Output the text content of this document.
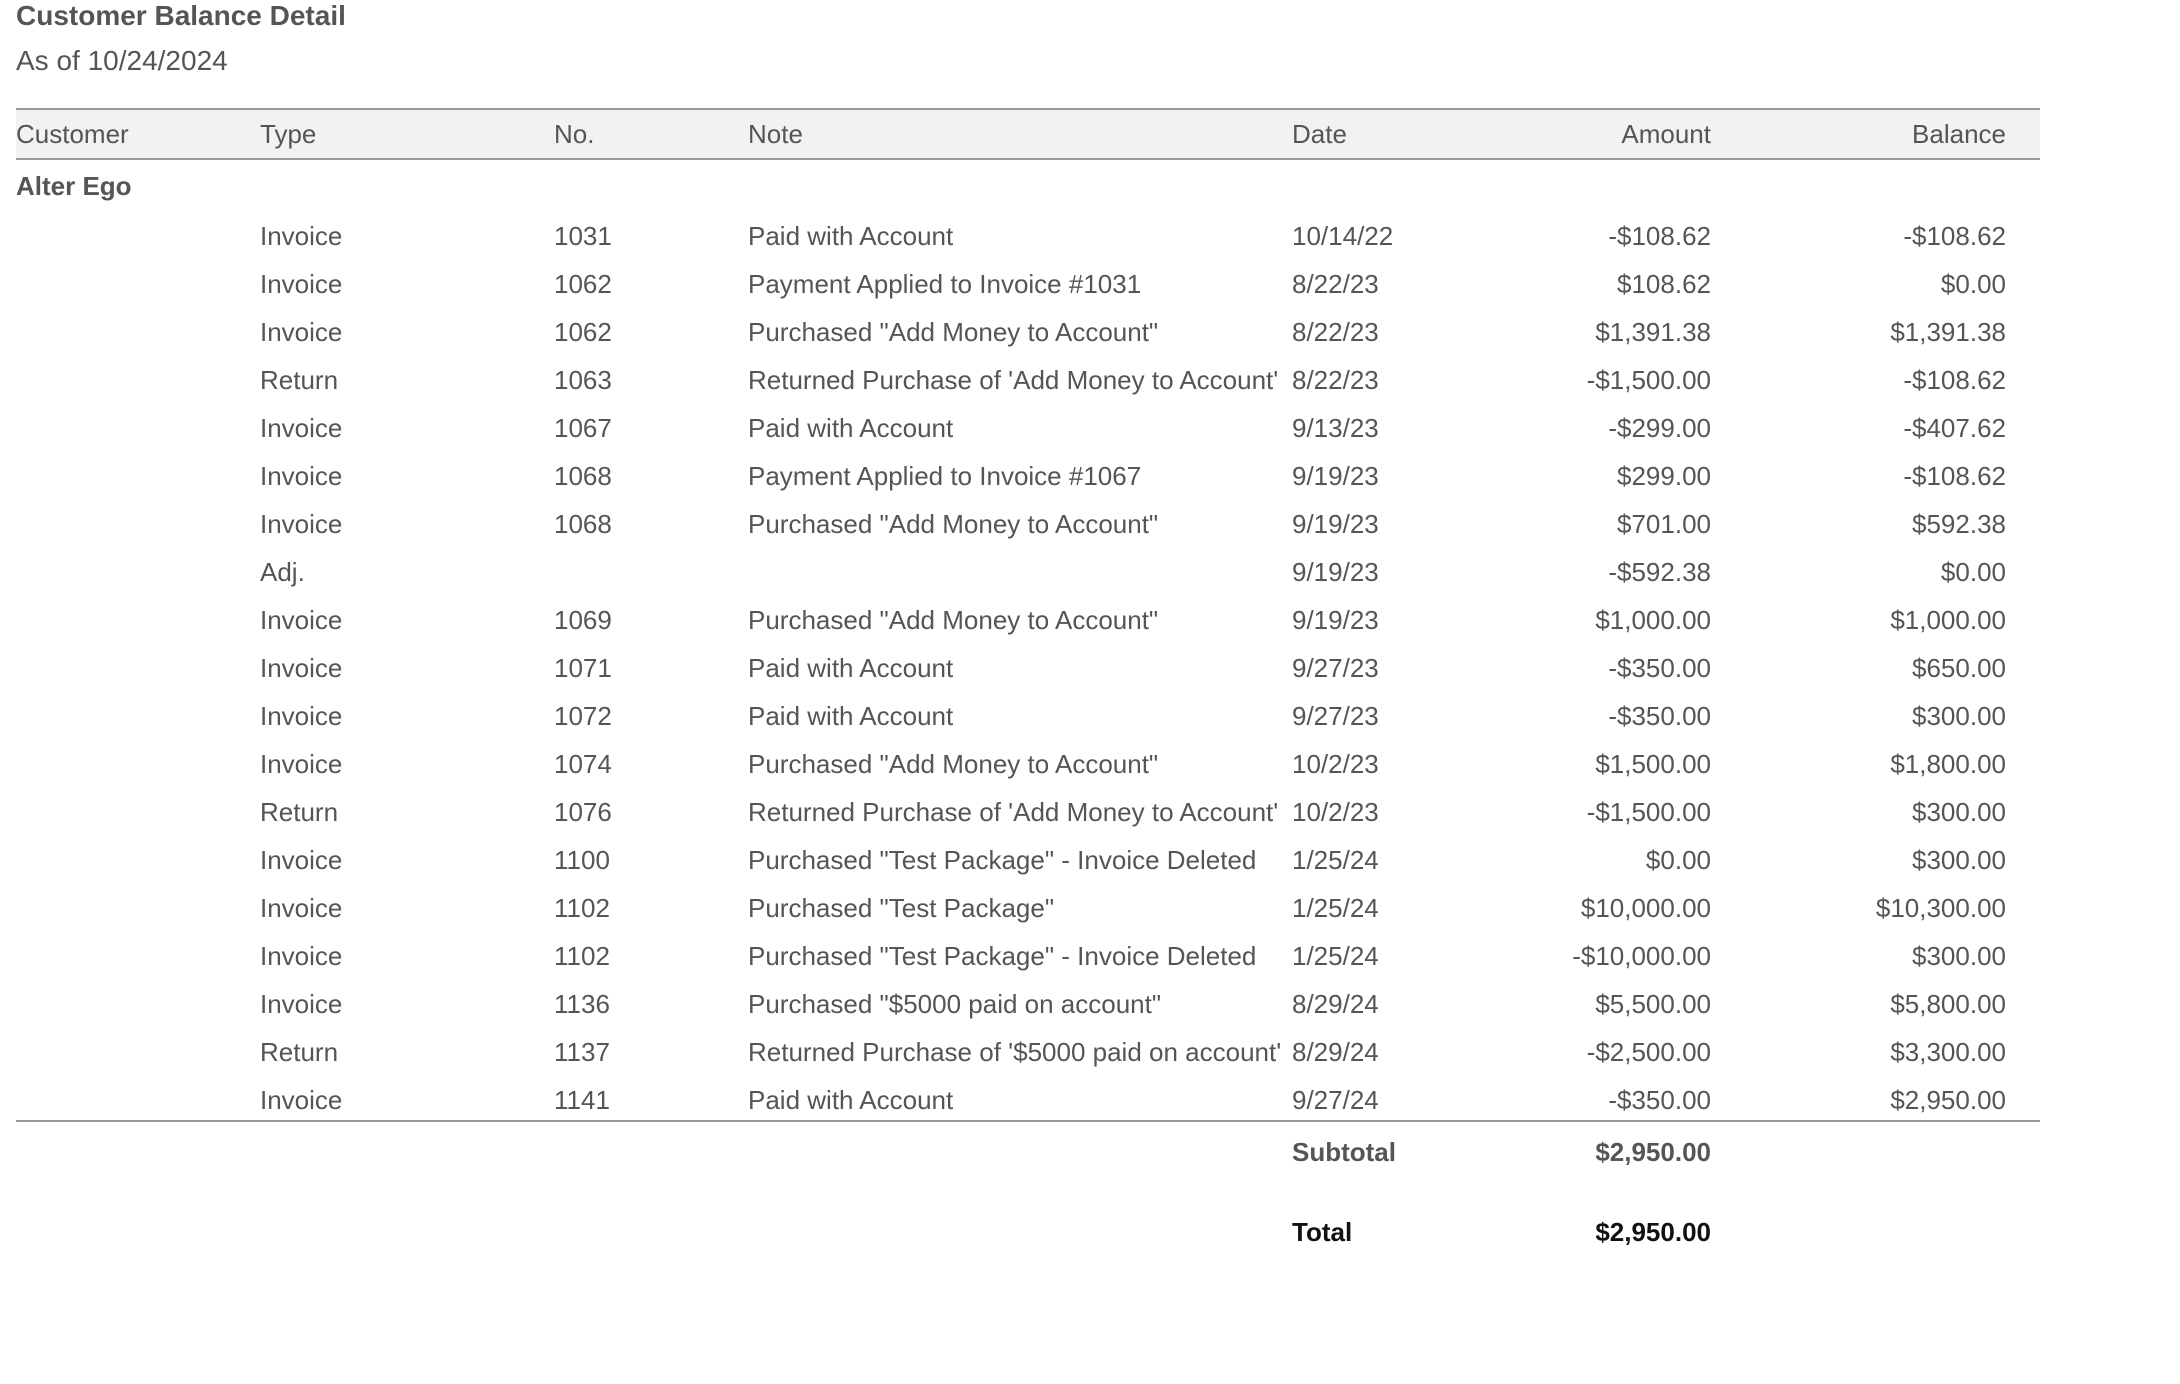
Customer Balance Detail
As of 10/24/2024
Customer	Type	No.	Note	Date	Amount	Balance	
Alter Ego							
	Invoice	1031	Paid with Account	10/14/22	-$108.62	-$108.62	
	Invoice	1062	Payment Applied to Invoice #1031	8/22/23	$108.62	$0.00	
	Invoice	1062	Purchased "Add Money to Account"	8/22/23	$1,391.38	$1,391.38	
	Return	1063	Returned Purchase of 'Add Money to Account'	8/22/23	-$1,500.00	-$108.62	
	Invoice	1067	Paid with Account	9/13/23	-$299.00	-$407.62	
	Invoice	1068	Payment Applied to Invoice #1067	9/19/23	$299.00	-$108.62	
	Invoice	1068	Purchased "Add Money to Account"	9/19/23	$701.00	$592.38	
	Adj.			9/19/23	-$592.38	$0.00	
	Invoice	1069	Purchased "Add Money to Account"	9/19/23	$1,000.00	$1,000.00	
	Invoice	1071	Paid with Account	9/27/23	-$350.00	$650.00	
	Invoice	1072	Paid with Account	9/27/23	-$350.00	$300.00	
	Invoice	1074	Purchased "Add Money to Account"	10/2/23	$1,500.00	$1,800.00	
	Return	1076	Returned Purchase of 'Add Money to Account'	10/2/23	-$1,500.00	$300.00	
	Invoice	1100	Purchased "Test Package" - Invoice Deleted	1/25/24	$0.00	$300.00	
	Invoice	1102	Purchased "Test Package"	1/25/24	$10,000.00	$10,300.00	
	Invoice	1102	Purchased "Test Package" - Invoice Deleted	1/25/24	-$10,000.00	$300.00	
	Invoice	1136	Purchased "$5000 paid on account"	8/29/24	$5,500.00	$5,800.00	
	Return	1137	Returned Purchase of '$5000 paid on account'	8/29/24	-$2,500.00	$3,300.00	
	Invoice	1141	Paid with Account	9/27/24	-$350.00	$2,950.00	
				Subtotal	$2,950.00		
				Total	$2,950.00		
